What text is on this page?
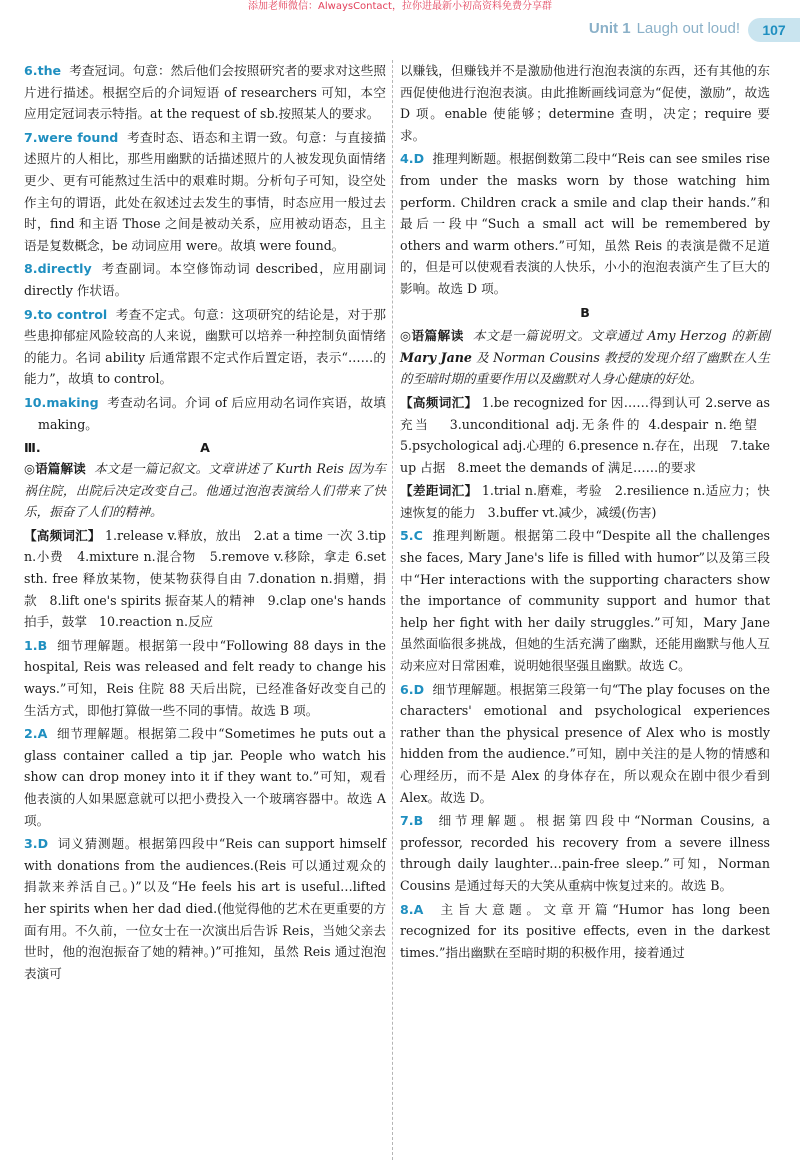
添加老师微信：AlwaysContact，拉你进最新小初高资料免费分享群
Unit 1 Laugh out loud!	107

6.the 考查冠词。句意：然后他们会按照研究者的要求对这些照片进行描述。根据空后的介词短语 of researchers 可知，本空应用定冠词表示特指。at the request of sb.按照某人的要求。

7.were found 考查时态、语态和主谓一致。句意：与直接描述照片的人相比，那些用幽默的话描述照片的人被发现负面情绪更少、更有可能熬过生活中的艰难时期。分析句子可知，设空处作主句的谓语，此处在叙述过去发生的事情，时态应用一般过去时，find 和主语 Those 之间是被动关系，应用被动语态，且主语是复数概念，be 动词应用 were。故填 were found。

8.directly 考查副词。本空修饰动词 described，应用副词 directly 作状语。

9.to control 考查不定式。句意：这项研究的结论是，对于那些患抑郁症风险较高的人来说，幽默可以培养一种控制负面情绪的能力。名词 ability 后通常跟不定式作后置定语，表示“……的能力”，故填 to control。

10.making 考查动名词。介词 of 后应用动名词作宾语，故填 making。

Ⅲ.	A

◎语篇解读 本文是一篇记叙文。文章讲述了 Kurth Reis 因为车祸住院，出院后决定改变自己。他通过泡泡表演给人们带来了快乐，振奋了人们的精神。

【高频词汇】 1.release v.释放，放出 2.at a time 一次 3.tip n.小费 4.mixture n.混合物 5.remove v.移除，拿走 6.set sth. free 释放某物，使某物获得自由 7.donation n.捐赠，捐款 8.lift one's spirits 振奋某人的精神 9.clap one's hands 拍手，鼓掌 10.reaction n.反应

1.B 细节理解题。根据第一段中“Following 88 days in the hospital, Reis was released and felt ready to change his ways.”可知，Reis 住院 88 天后出院，已经准备好改变自己的生活方式，即他打算做一些不同的事情。故选 B 项。

2.A 细节理解题。根据第二段中“Sometimes he puts out a glass container called a tip jar. People who watch his show can drop money into it if they want to.”可知，观看他表演的人如果愿意就可以把小费投入一个玻璃容器中。故选 A 项。

3.D 词义猜测题。根据第四段中“Reis can support himself with donations from the audiences.(Reis 可以通过观众的捐款来养活自己。)”以及“He feels his art is useful…lifted her spirits when her dad died.(他觉得他的艺术在更重要的方面有用。不久前，一位女士在一次演出后告诉 Reis，当她父亲去世时，他的泡泡振奋了她的精神。)”可推知，虽然 Reis 通过泡泡表演可

以赚钱，但赚钱并不是激励他进行泡泡表演的东西，还有其他的东西促使他进行泡泡表演。由此推断画线词意为“促使，激励”，故选 D 项。enable 使能够；determine 查明，决定；require 要求。

4.D 推理判断题。根据倒数第二段中“Reis can see smiles rise from under the masks worn by those watching him perform. Children crack a smile and clap their hands.”和最后一段中“Such a small act will be remembered by others and warm others.”可知，虽然 Reis 的表演是微不足道的，但是可以使观看表演的人快乐，小小的泡泡表演产生了巨大的影响。故选 D 项。

B

◎语篇解读 本文是一篇说明文。文章通过 Amy Herzog 的新剧 Mary Jane 及 Norman Cousins 教授的发现介绍了幽默在人生的至暗时期的重要作用以及幽默对人身心健康的好处。

【高频词汇】 1.be recognized for 因……得到认可 2.serve as 充当 3.unconditional adj.无条件的 4.despair n.绝望   5.psychological adj.心理的 6.presence n.存在，出现 7.take up 占据 8.meet the demands of 满足……的要求

【差距词汇】 1.trial n.磨难，考验 2.resilience n.适应力；快速恢复的能力 3.buffer vt.减少，减缓(伤害)

5.C 推理判断题。根据第二段中“Despite all the challenges she faces, Mary Jane's life is filled with humor”以及第三段中“Her interactions with the supporting characters show the importance of community support and humor that help her fight with her daily struggles.”可知，Mary Jane 虽然面临很多挑战，但她的生活充满了幽默，还能用幽默与他人互动来应对日常困难，说明她很坚强且幽默。故选 C。

6.D 细节理解题。根据第三段第一句“The play focuses on the characters' emotional and psychological experiences rather than the physical presence of Alex who is mostly hidden from the audience.”可知，剧中关注的是人物的情感和心理经历，而不是 Alex 的身体存在，所以观众在剧中很少看到 Alex。故选 D。

7.B 细节理解题。根据第四段中“Norman Cousins, a professor, recorded his recovery from a severe illness through daily laughter…pain-free sleep.”可知，Norman Cousins 是通过每天的大笑从重病中恢复过来的。故选 B。

8.A 主旨大意题。文章开篇“Humor has long been recognized for its positive effects, even in the darkest times.”指出幽默在至暗时期的积极作用，接着通过
